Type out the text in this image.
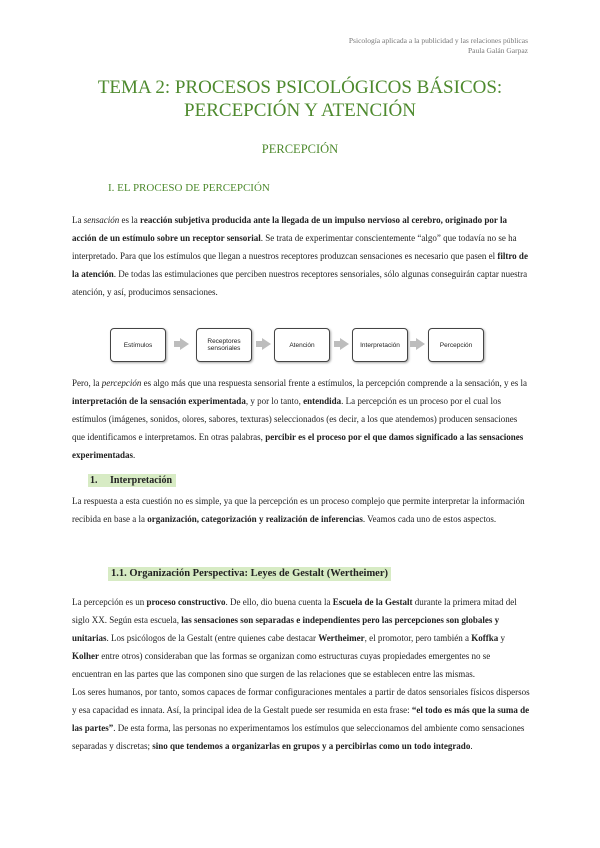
Psicología aplicada a la publicidad y las relaciones públicas
Paula Galán Garpaz
TEMA 2: PROCESOS PSICOLÓGICOS BÁSICOS:
PERCEPCIÓN Y ATENCIÓN
PERCEPCIÓN
I. EL PROCESO DE PERCEPCIÓN

La sensación es la reacción subjetiva producida ante la llegada de un impulso nervioso al cerebro, originado por la acción de un estímulo sobre un receptor sensorial. Se trata de experimentar conscientemente “algo” que todavía no se ha interpretado. Para que los estímulos que llegan a nuestros receptores produzcan sensaciones es necesario que pasen el filtro de la atención. De todas las estimulaciones que perciben nuestros receptores sensoriales, sólo algunas conseguirán captar nuestra atención, y así, producimos sensaciones.

Estímulos	Receptores sensoriales	Atención	Interpretación	Percepción

Pero, la percepción es algo más que una respuesta sensorial frente a estímulos, la percepción comprende a la sensación, y es la interpretación de la sensación experimentada, y por lo tanto, entendida. La percepción es un proceso por el cual los estímulos (imágenes, sonidos, olores, sabores, texturas) seleccionados (es decir, a los que atendemos) producen sensaciones que identificamos e interpretamos. En otras palabras, percibir es el proceso por el que damos significado a las sensaciones experimentadas.

1. Interpretación

La respuesta a esta cuestión no es simple, ya que la percepción es un proceso complejo que permite interpretar la información recibida en base a la organización, categorización y realización de inferencias. Veamos cada uno de estos aspectos.

1.1. Organización Perspectiva: Leyes de Gestalt (Wertheimer)

La percepción es un proceso constructivo. De ello, dio buena cuenta la Escuela de la Gestalt durante la primera mitad del siglo XX. Según esta escuela, las sensaciones son separadas e independientes pero las percepciones son globales y unitarias. Los psicólogos de la Gestalt (entre quienes cabe destacar Wertheimer, el promotor, pero también a Koffka y Kolher entre otros) consideraban que las formas se organizan como estructuras cuyas propiedades emergentes no se encuentran en las partes que las componen sino que surgen de las relaciones que se establecen entre las mismas.
Los seres humanos, por tanto, somos capaces de formar configuraciones mentales a partir de datos sensoriales físicos dispersos y esa capacidad es innata. Así, la principal idea de la Gestalt puede ser resumida en esta frase: “el todo es más que la suma de las partes”. De esta forma, las personas no experimentamos los estímulos que seleccionamos del ambiente como sensaciones separadas y discretas; sino que tendemos a organizarlas en grupos y a percibirlas como un todo integrado.
